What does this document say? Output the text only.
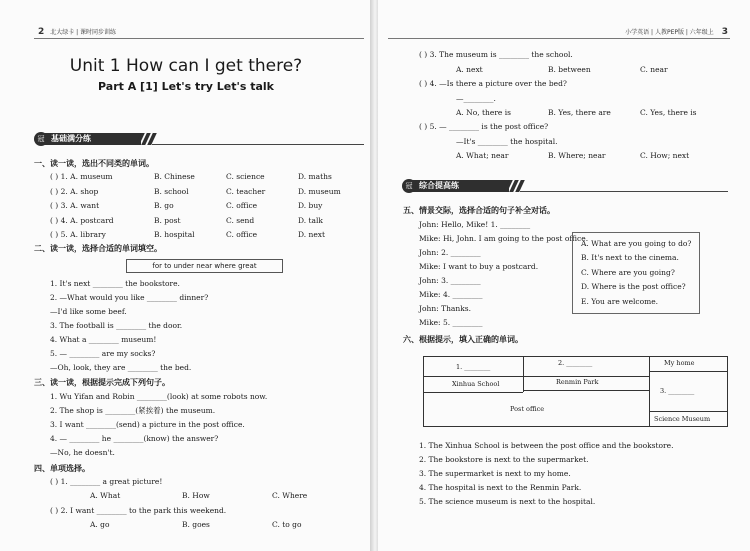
2 北大绿卡 | 课时同步训练
Unit 1 How can I get there?
Part A [1] Let's try Let's talk
基础满分练
冠
一、读一读，选出不同类的单词。
( ) 1. A. museum	B. Chinese	C. science	D. maths
( ) 2. A. shop	B. school	C. teacher	D. museum
( ) 3. A. want	B. go	C. office	D. buy
( ) 4. A. postcard	B. post	C. send	D. talk
( ) 5. A. library	B. hospital	C. office	D. next
二、读一读，选择合适的单词填空。
for to under near where great
1. It's next ________ the bookstore.
2. —What would you like ________ dinner?
—I'd like some beef.
3. The football is ________ the door.
4. What a ________ museum!
5. — ________ are my socks?
—Oh, look, they are ________ the bed.
三、读一读，根据提示完成下列句子。
1. Wu Yifan and Robin ________(look) at some robots now.
2. The shop is ________(紧挨着) the museum.
3. I want ________(send) a picture in the post office.
4. — ________ he ________(know) the answer?
—No, he doesn't.
四、单项选择。
( ) 1. ________ a great picture!
A. What	B. How	C. Where
( ) 2. I want ________ to the park this weekend.
A. go	B. goes	C. to go
小学英语 | 人教PEP版 | 六年级上 3
( ) 3. The museum is ________ the school.
A. next	B. between	C. near
( ) 4. —Is there a picture over the bed?
—________.
A. No, there is	B. Yes, there are	C. Yes, there is
( ) 5. — ________ is the post office?
—It's ________ the hospital.
A. What; near	B. Where; near	C. How; next
综合提高练
冠
五、情景交际，选择合适的句子补全对话。
John: Hello, Mike! 1. ________
Mike: Hi, John. I am going to the post office.
John: 2. ________
Mike: I want to buy a postcard.
John: 3. ________
Mike: 4. ________
John: Thanks.
Mike: 5. ________
A. What are you going to do?
B. It's next to the cinema.
C. Where are you going?
D. Where is the post office?
E. You are welcome.
六、根据提示，填入正确的单词。
1. ________	2. ________	My home
Xinhua School	Renmin Park
3. ________
Post office
Science Museum
1. The Xinhua School is between the post office and the bookstore.
2. The bookstore is next to the supermarket.
3. The supermarket is next to my home.
4. The hospital is next to the Renmin Park.
5. The science museum is next to the hospital.
